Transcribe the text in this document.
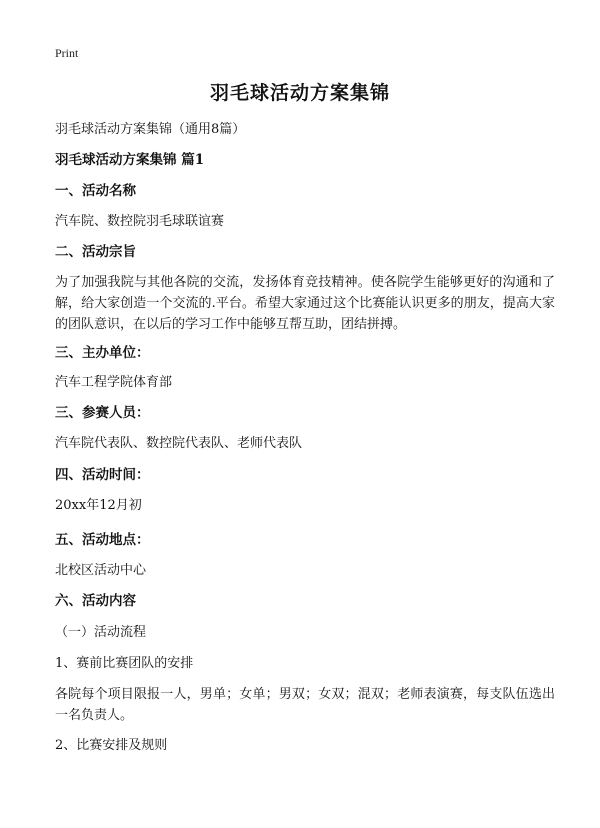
Print
羽毛球活动方案集锦
羽毛球活动方案集锦（通用8篇）
羽毛球活动方案集锦 篇1
一、活动名称
汽车院、数控院羽毛球联谊赛
二、活动宗旨
为了加强我院与其他各院的交流，发扬体育竞技精神。使各院学生能够更好的沟通和了解，给大家创造一个交流的.平台。希望大家通过这个比赛能认识更多的朋友，提高大家的团队意识，在以后的学习工作中能够互帮互助，团结拼搏。
三、主办单位：
汽车工程学院体育部
三、参赛人员：
汽车院代表队、数控院代表队、老师代表队
四、活动时间：
20xx年12月初
五、活动地点：
北校区活动中心
六、活动内容
（一）活动流程
1、赛前比赛团队的安排
各院每个项目限报一人，男单；女单；男双；女双；混双；老师表演赛，每支队伍选出一名负责人。
2、比赛安排及规则
